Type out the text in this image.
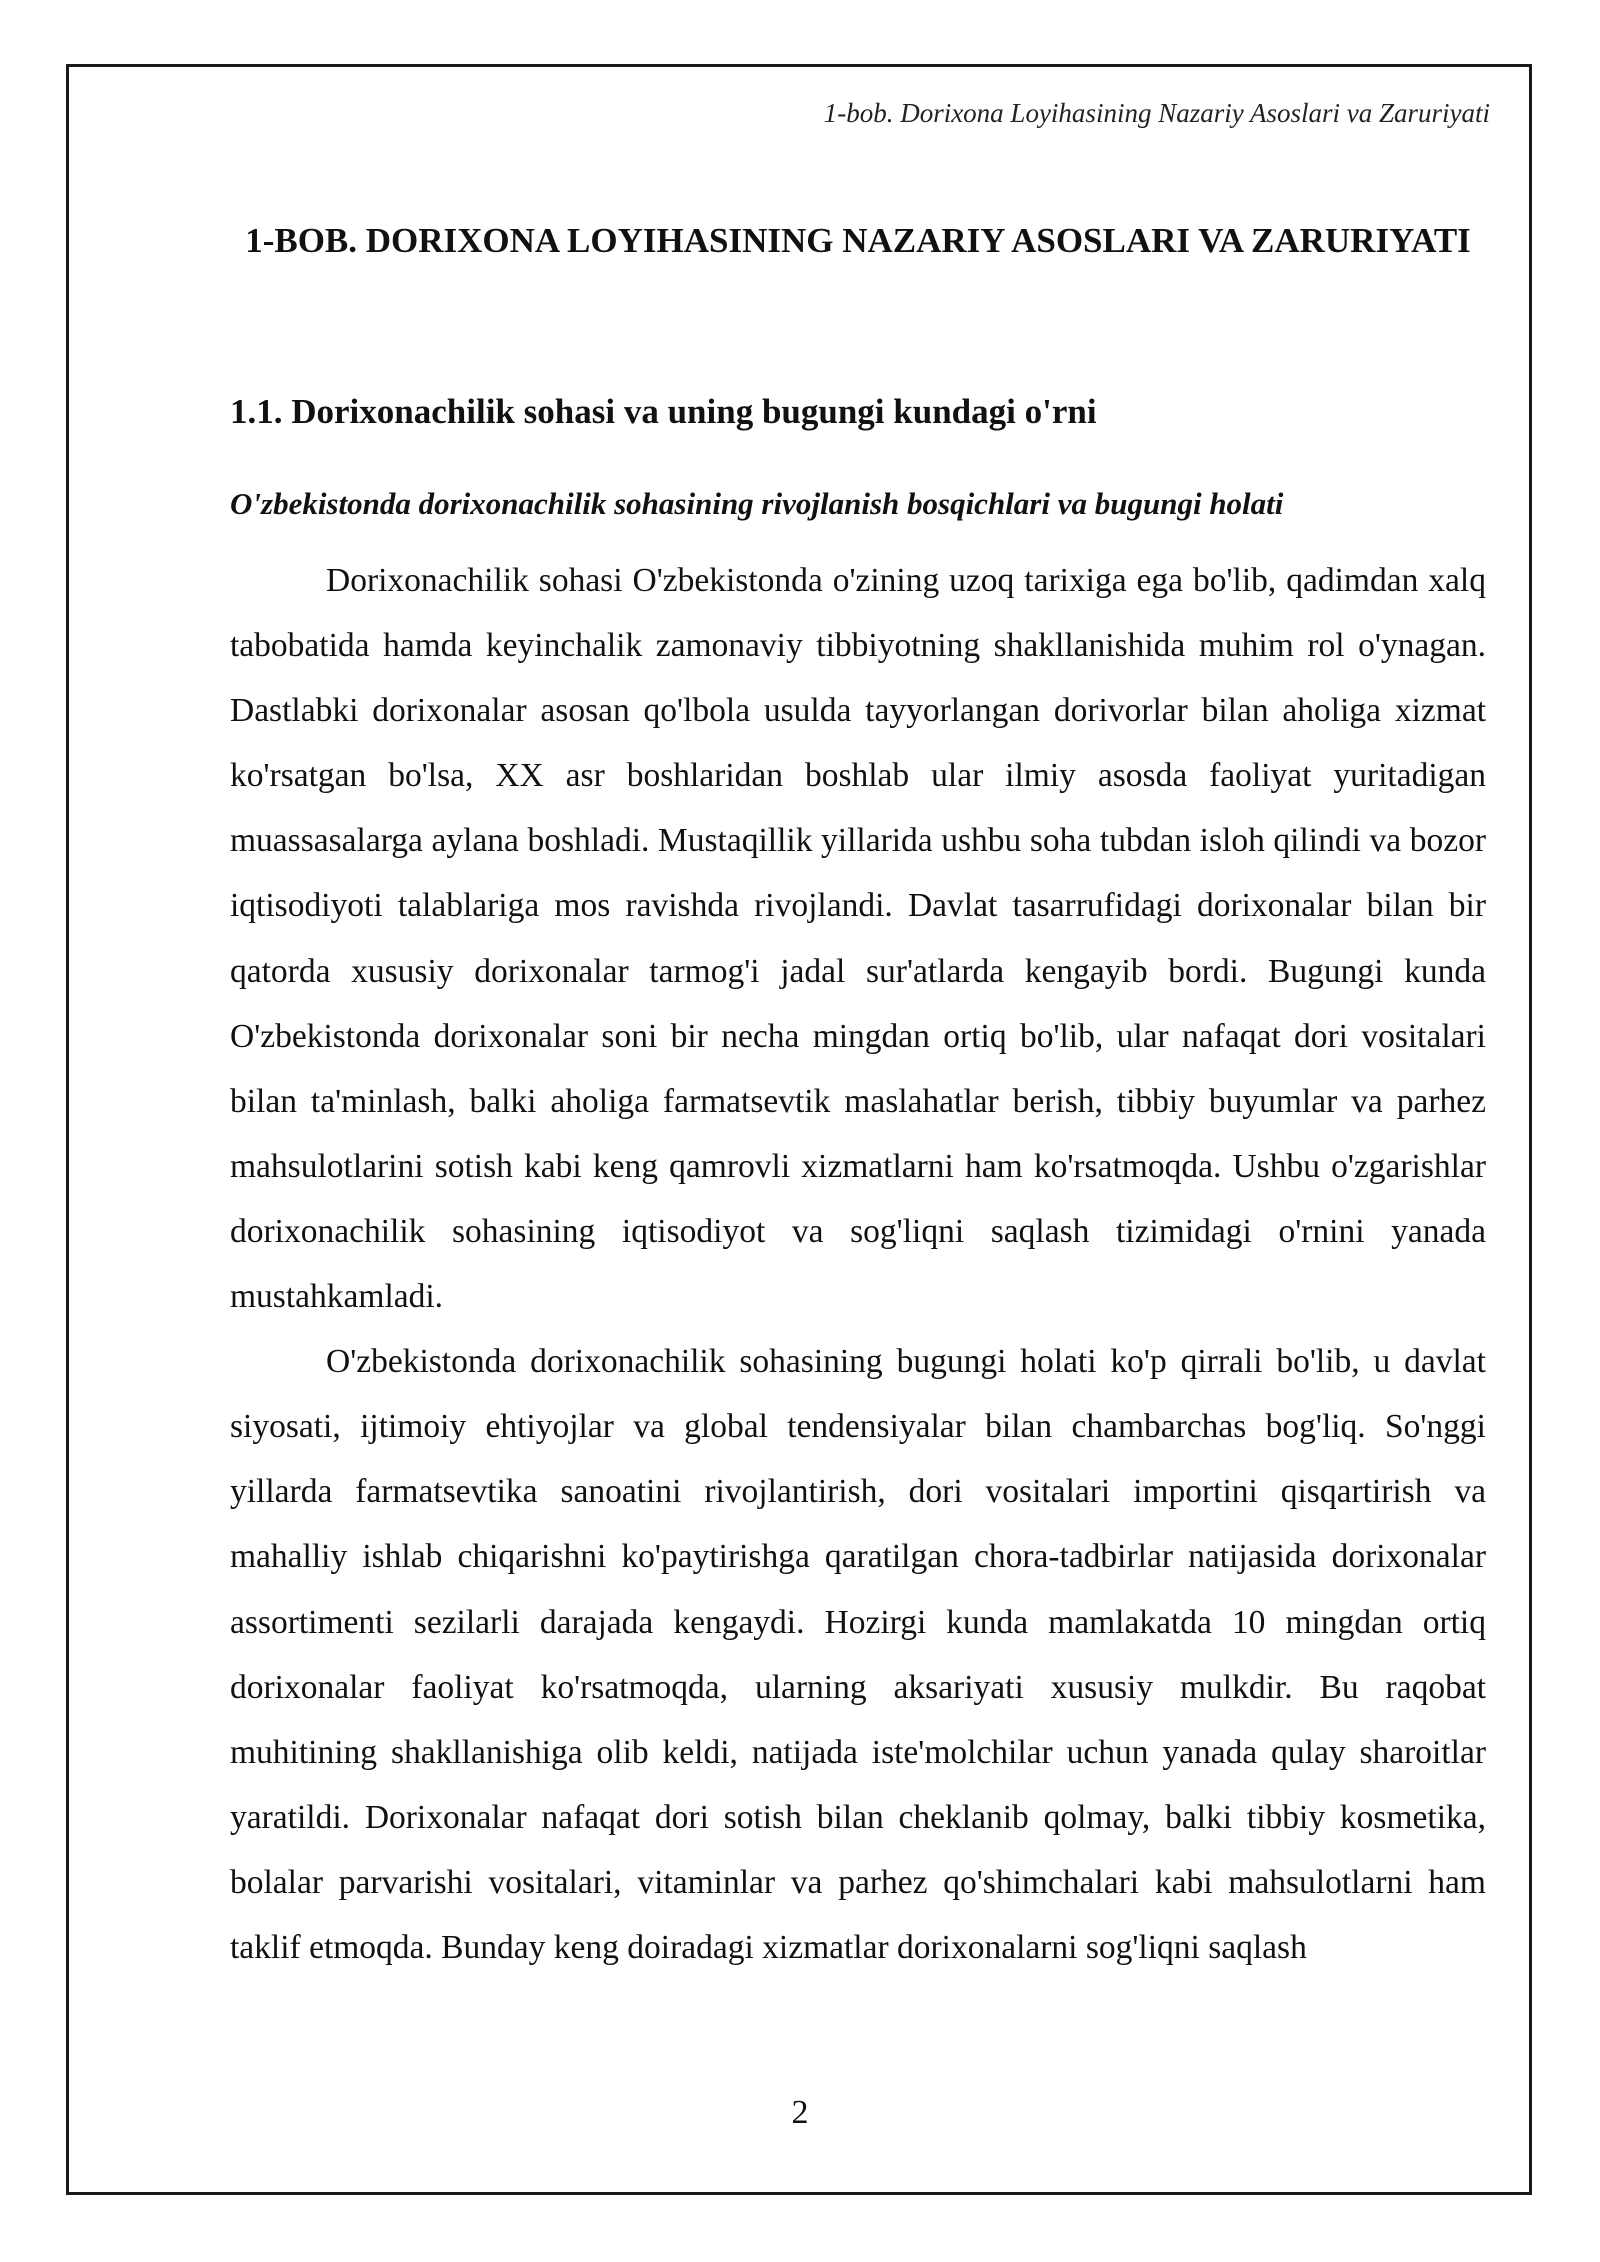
1-bob. Dorixona Loyihasining Nazariy Asoslari va Zaruriyati
1-BOB. DORIXONA LOYIHASINING NAZARIY ASOSLARI VA ZARURIYATI
1.1. Dorixonachilik sohasi va uning bugungi kundagi o'rni
O'zbekistonda dorixonachilik sohasining rivojlanish bosqichlari va bugungi holati

Dorixonachilik sohasi O'zbekistonda o'zining uzoq tarixiga ega bo'lib, qadimdan xalq tabobatida hamda keyinchalik zamonaviy tibbiyotning shakllanishida muhim rol o'ynagan. Dastlabki dorixonalar asosan qo'lbola usulda tayyorlangan dorivorlar bilan aholiga xizmat ko'rsatgan bo'lsa, XX asr boshlaridan boshlab ular ilmiy asosda faoliyat yuritadigan muassasalarga aylana boshladi. Mustaqillik yillarida ushbu soha tubdan isloh qilindi va bozor iqtisodiyoti talablariga mos ravishda rivojlandi. Davlat tasarrufidagi dorixonalar bilan bir qatorda xususiy dorixonalar tarmog'i jadal sur'atlarda kengayib bordi. Bugungi kunda O'zbekistonda dorixonalar soni bir necha mingdan ortiq bo'lib, ular nafaqat dori vositalari bilan ta'minlash, balki aholiga farmatsevtik maslahatlar berish, tibbiy buyumlar va parhez mahsulotlarini sotish kabi keng qamrovli xizmatlarni ham ko'rsatmoqda. Ushbu o'zgarishlar dorixonachilik sohasining iqtisodiyot va sog'liqni saqlash tizimidagi o'rnini yanada mustahkamladi.

O'zbekistonda dorixonachilik sohasining bugungi holati ko'p qirrali bo'lib, u davlat siyosati, ijtimoiy ehtiyojlar va global tendensiyalar bilan chambarchas bog'liq. So'nggi yillarda farmatsevtika sanoatini rivojlantirish, dori vositalari importini qisqartirish va mahalliy ishlab chiqarishni ko'paytirishga qaratilgan chora-tadbirlar natijasida dorixonalar assortimenti sezilarli darajada kengaydi. Hozirgi kunda mamlakatda 10 mingdan ortiq dorixonalar faoliyat ko'rsatmoqda, ularning aksariyati xususiy mulkdir. Bu raqobat muhitining shakllanishiga olib keldi, natijada iste'molchilar uchun yanada qulay sharoitlar yaratildi. Dorixonalar nafaqat dori sotish bilan cheklanib qolmay, balki tibbiy kosmetika, bolalar parvarishi vositalari, vitaminlar va parhez qo'shimchalari kabi mahsulotlarni ham taklif etmoqda. Bunday keng doiradagi xizmatlar dorixonalarni sog'liqni saqlash

2
